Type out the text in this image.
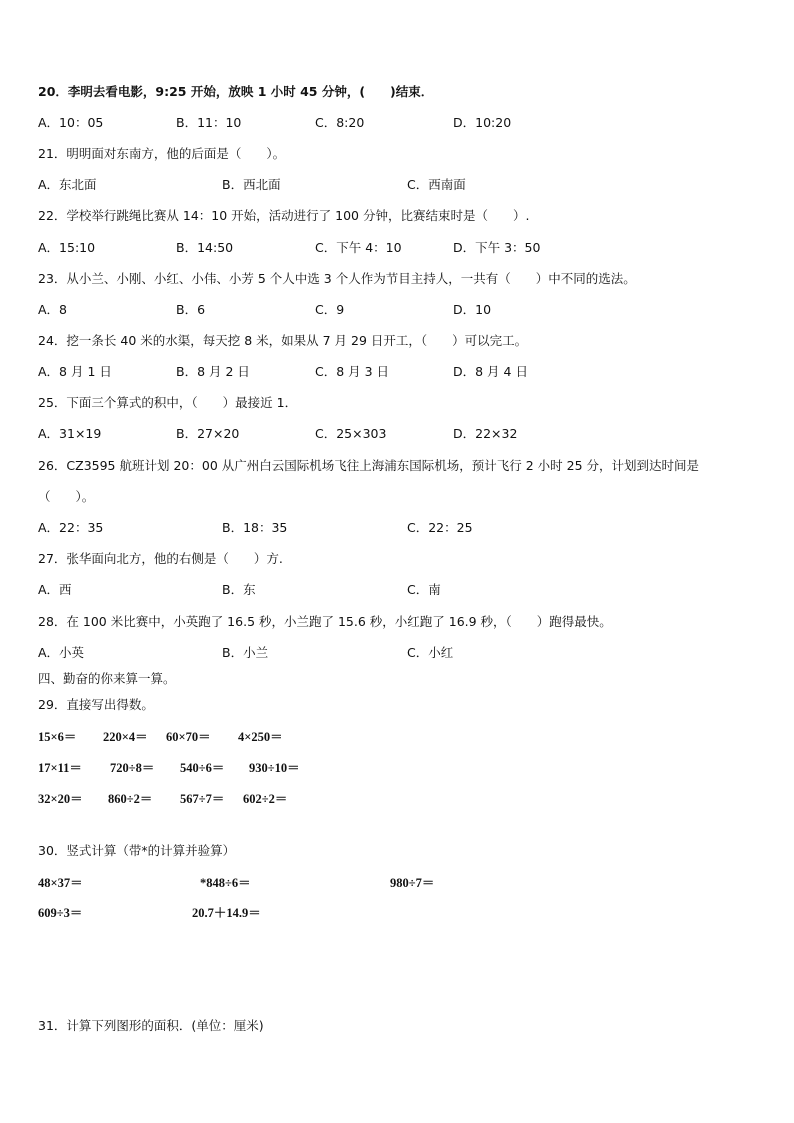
20．李明去看电影，9:25 开始，放映 1 小时 45 分钟，(　　)结束．
A．10：05	B．11：10	C．8:20	D．10:20
21．明明面对东南方，他的后面是（　　）。
A．东北面	B．西北面	C．西南面
22．学校举行跳绳比赛从 14：10 开始，活动进行了 100 分钟，比赛结束时是（　　）.
A．15:10	B．14:50	C．下午 4：10	D．下午 3：50
23．从小兰、小刚、小红、小伟、小芳 5 个人中选 3 个人作为节目主持人，一共有（　　）中不同的选法。
A．8	B．6	C．9	D．10
24．挖一条长 40 米的水渠，每天挖 8 米，如果从 7 月 29 日开工，（　　）可以完工。
A．8 月 1 日	B．8 月 2 日	C．8 月 3 日	D．8 月 4 日
25．下面三个算式的积中，（　　）最接近 1．
A．31×19	B．27×20	C．25×303	D．22×32
26．CZ3595 航班计划 20：00 从广州白云国际机场飞往上海浦东国际机场，预计飞行 2 小时 25 分，计划到达时间是
（　　）。
A．22：35	B．18：35	C．22：25
27．张华面向北方，他的右侧是（　　）方.
A．西	B．东	C．南
28．在 100 米比赛中，小英跑了 16.5 秒，小兰跑了 15.6 秒，小红跑了 16.9 秒，（　　）跑得最快。
A．小英	B．小兰	C．小红
四、勤奋的你来算一算。
29．直接写出得数。
15×6＝ 220×4＝ 60×70＝ 4×250＝
17×11＝ 720÷8＝ 540÷6＝ 930÷10＝
32×20＝ 860÷2＝ 567÷7＝ 602÷2＝
30．竖式计算（带*的计算并验算）
48×37＝	*848÷6＝	980÷7＝
609÷3＝	20.7＋14.9＝
31．计算下列图形的面积．(单位：厘米)
